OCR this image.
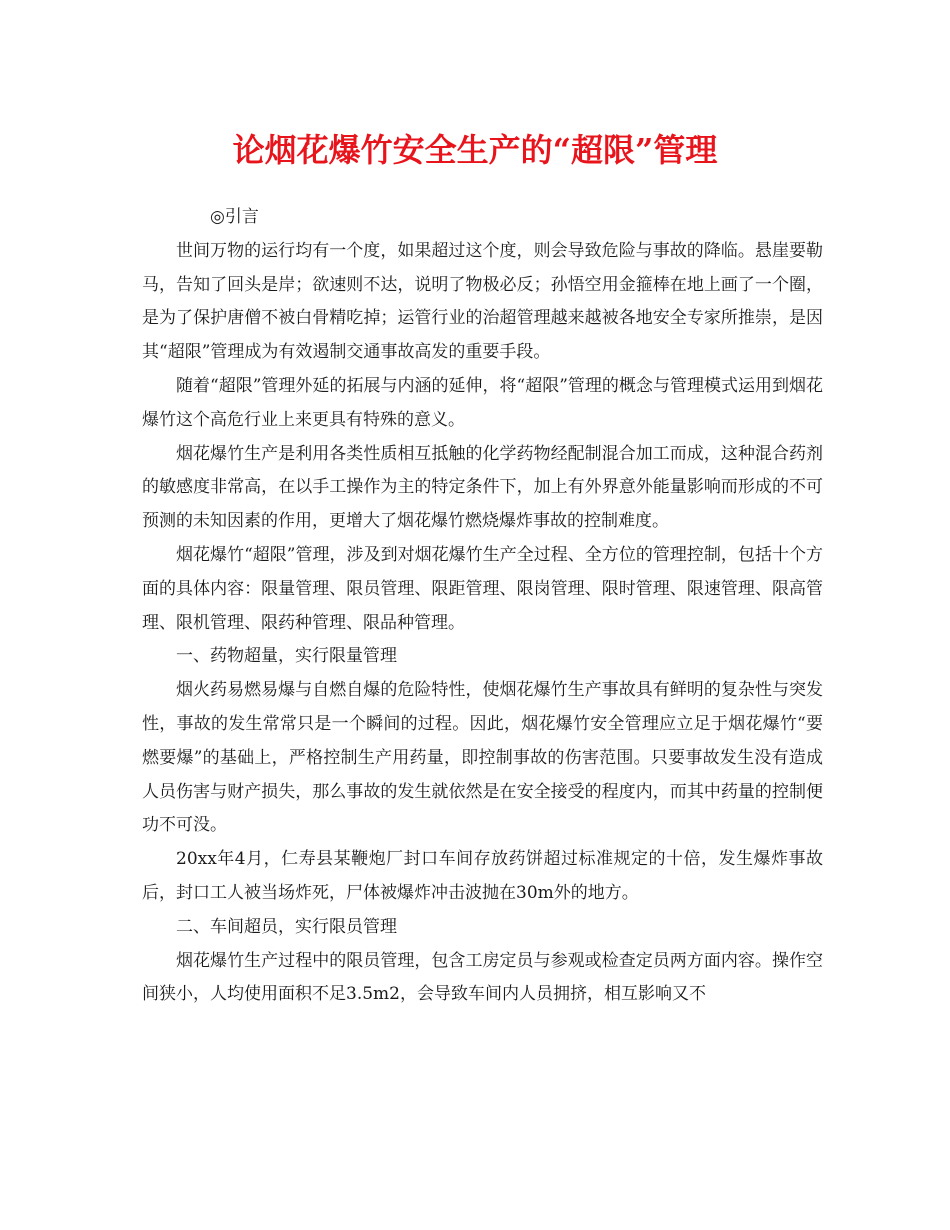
论烟花爆竹安全生产的“超限”管理

◎引言

世间万物的运行均有一个度，如果超过这个度，则会导致危险与事故的降临。悬崖要勒马，告知了回头是岸；欲速则不达，说明了物极必反；孙悟空用金箍棒在地上画了一个圈，是为了保护唐僧不被白骨精吃掉；运管行业的治超管理越来越被各地安全专家所推崇，是因其“超限”管理成为有效遏制交通事故高发的重要手段。

随着“超限”管理外延的拓展与内涵的延伸，将“超限”管理的概念与管理模式运用到烟花爆竹这个高危行业上来更具有特殊的意义。

烟花爆竹生产是利用各类性质相互抵触的化学药物经配制混合加工而成，这种混合药剂的敏感度非常高，在以手工操作为主的特定条件下，加上有外界意外能量影响而形成的不可预测的未知因素的作用，更增大了烟花爆竹燃烧爆炸事故的控制难度。

烟花爆竹“超限”管理，涉及到对烟花爆竹生产全过程、全方位的管理控制，包括十个方面的具体内容：限量管理、限员管理、限距管理、限岗管理、限时管理、限速管理、限高管理、限机管理、限药种管理、限品种管理。

一、药物超量，实行限量管理

烟火药易燃易爆与自燃自爆的危险特性，使烟花爆竹生产事故具有鲜明的复杂性与突发性，事故的发生常常只是一个瞬间的过程。因此，烟花爆竹安全管理应立足于烟花爆竹“要燃要爆”的基础上，严格控制生产用药量，即控制事故的伤害范围。只要事故发生没有造成人员伤害与财产损失，那么事故的发生就依然是在安全接受的程度内，而其中药量的控制便功不可没。

20xx年4月，仁寿县某鞭炮厂封口车间存放药饼超过标准规定的十倍，发生爆炸事故后，封口工人被当场炸死，尸体被爆炸冲击波抛在30m外的地方。

二、车间超员，实行限员管理

烟花爆竹生产过程中的限员管理，包含工房定员与参观或检查定员两方面内容。操作空间狭小，人均使用面积不足3.5m2，会导致车间内人员拥挤，相互影响又不
